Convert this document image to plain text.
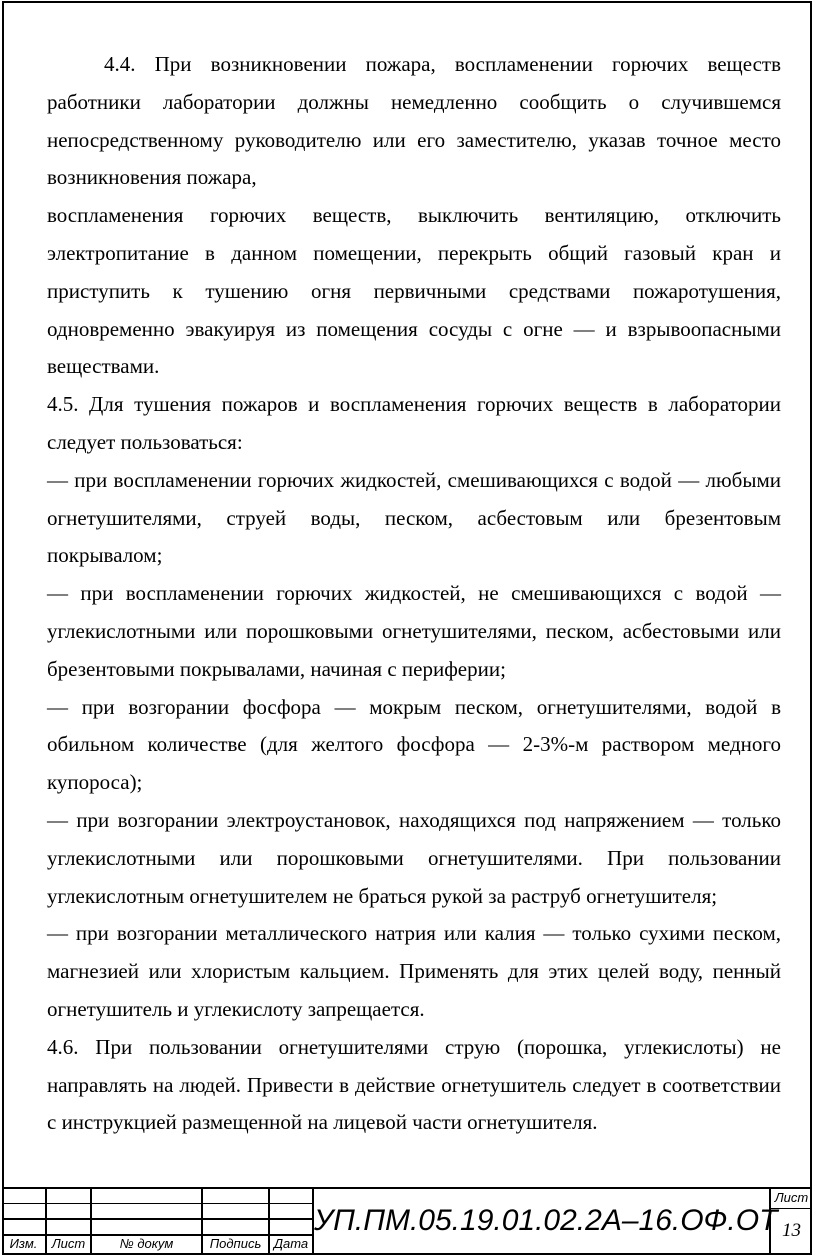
4.4. При возникновении пожара, воспламенении горючих веществ работники лаборатории должны немедленно сообщить о случившемся непосредственному руководителю или его заместителю, указав точное место возникновения пожара,

воспламенения горючих веществ, выключить вентиляцию, отключить электропитание в данном помещении, перекрыть общий газовый кран и приступить к тушению огня первичными средствами пожаротушения, одновременно эвакуируя из помещения сосуды с огне — и взрывоопасными веществами.

4.5. Для тушения пожаров и воспламенения горючих веществ в лаборатории следует пользоваться:

— при воспламенении горючих жидкостей, смешивающихся с водой — любыми огнетушителями, струей воды, песком, асбестовым или брезентовым покрывалом;

— при воспламенении горючих жидкостей, не смешивающихся с водой — углекислотными или порошковыми огнетушителями, песком, асбестовыми или брезентовыми покрывалами, начиная с периферии;

— при возгорании фосфора — мокрым песком, огнетушителями, водой в обильном количестве (для желтого фосфора — 2-3%-м раствором медного купороса);

— при возгорании электроустановок, находящихся под напряжением — только углекислотными или порошковыми огнетушителями. При пользовании углекислотным огнетушителем не браться рукой за раструб огнетушителя;

— при возгорании металлического натрия или калия — только сухими песком, магнезией или хлористым кальцием. Применять для этих целей воду, пенный огнетушитель и углекислоту запрещается.

4.6. При пользовании огнетушителями струю (порошка, углекислоты) не направлять на людей. Привести в действие огнетушитель следует в соответствии с инструкцией размещенной на лицевой части огнетушителя.

Изм.	Лист	№ докум	Подпись Дата
УП.ПМ.05.19.01.02.2А–16.ОФ.ОТ
Лист
13
